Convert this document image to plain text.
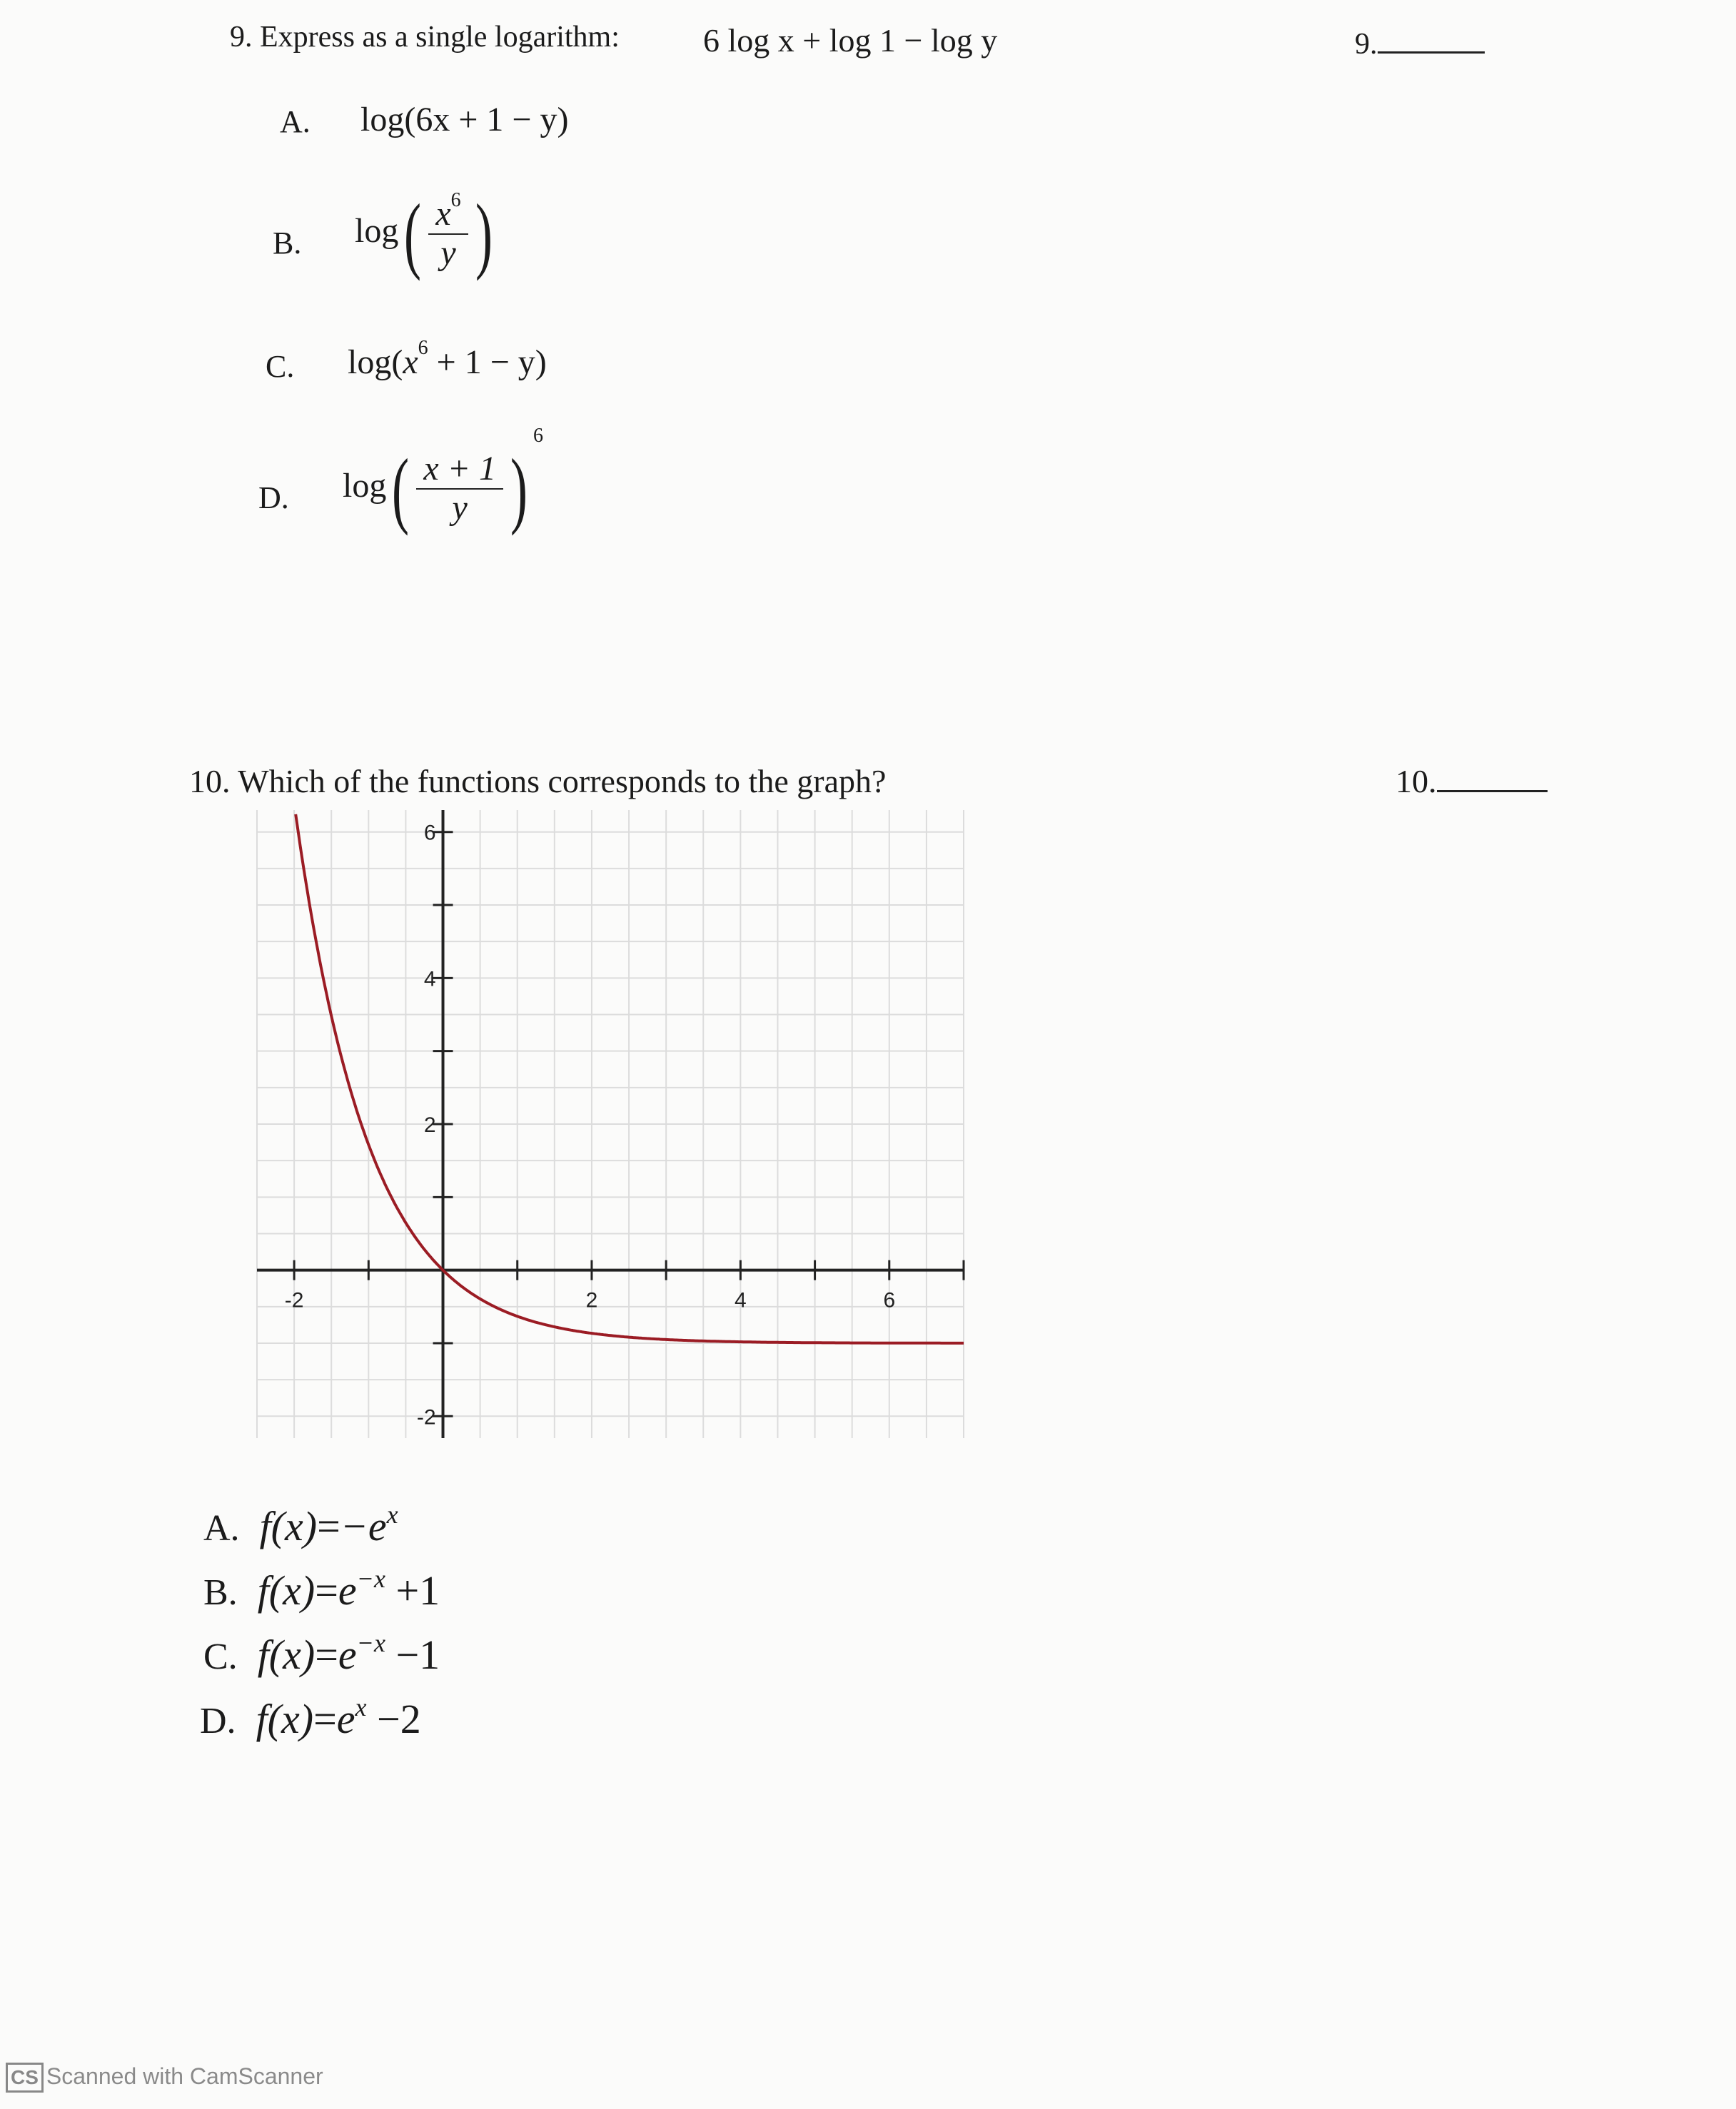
9. Express as a single logarithm:	6 log x + log 1 − log y	9.
A. log(6x + 1 − y)
B. $\log( \frac{x^6}{y}$ )
C. $\log(x^6 + 1 - y)$
D. $\log( \frac{x + 1}{y} )^6$
10. Which of the functions corresponds to the graph?	10.
-2	2	4	6
6
4
2
-2
A. $f(x)=-e^x$
B. $f(x)=e^{-x} +1$
C. $f(x)=e^{-x} -1$
D. $f(x)=e^x -2$
CS Scanned with CamScanner
